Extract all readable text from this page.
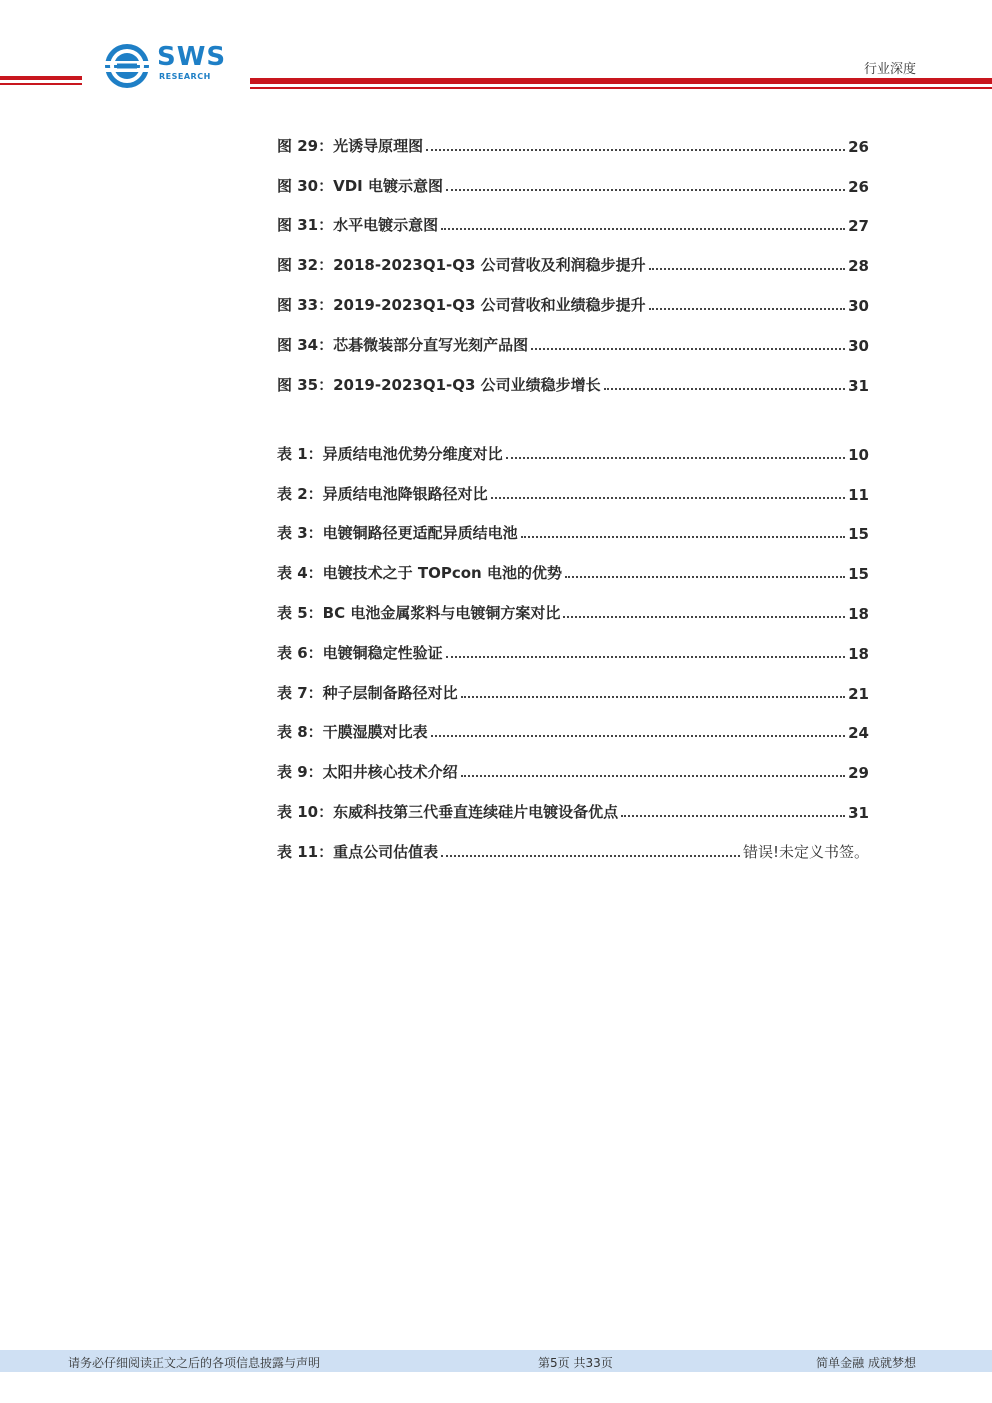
SWS
RESEARCH	行业深度
图 29：光诱导原理图	26
图 30：VDI 电镀示意图	26
图 31：水平电镀示意图	27
图 32：2018-2023Q1-Q3 公司营收及利润稳步提升	28
图 33：2019-2023Q1-Q3 公司营收和业绩稳步提升	30
图 34：芯碁微装部分直写光刻产品图	30
图 35：2019-2023Q1-Q3 公司业绩稳步增长	31
表 1：异质结电池优势分维度对比	10
表 2：异质结电池降银路径对比	11
表 3：电镀铜路径更适配异质结电池	15
表 4：电镀技术之于 TOPcon 电池的优势	15
表 5：BC 电池金属浆料与电镀铜方案对比	18
表 6：电镀铜稳定性验证	18
表 7：种子层制备路径对比	21
表 8：干膜湿膜对比表	24
表 9：太阳井核心技术介绍	29
表 10：东威科技第三代垂直连续硅片电镀设备优点	31
表 11：重点公司估值表	错误!未定义书签。
请务必仔细阅读正文之后的各项信息披露与声明	第5页 共33页	简单金融 成就梦想
